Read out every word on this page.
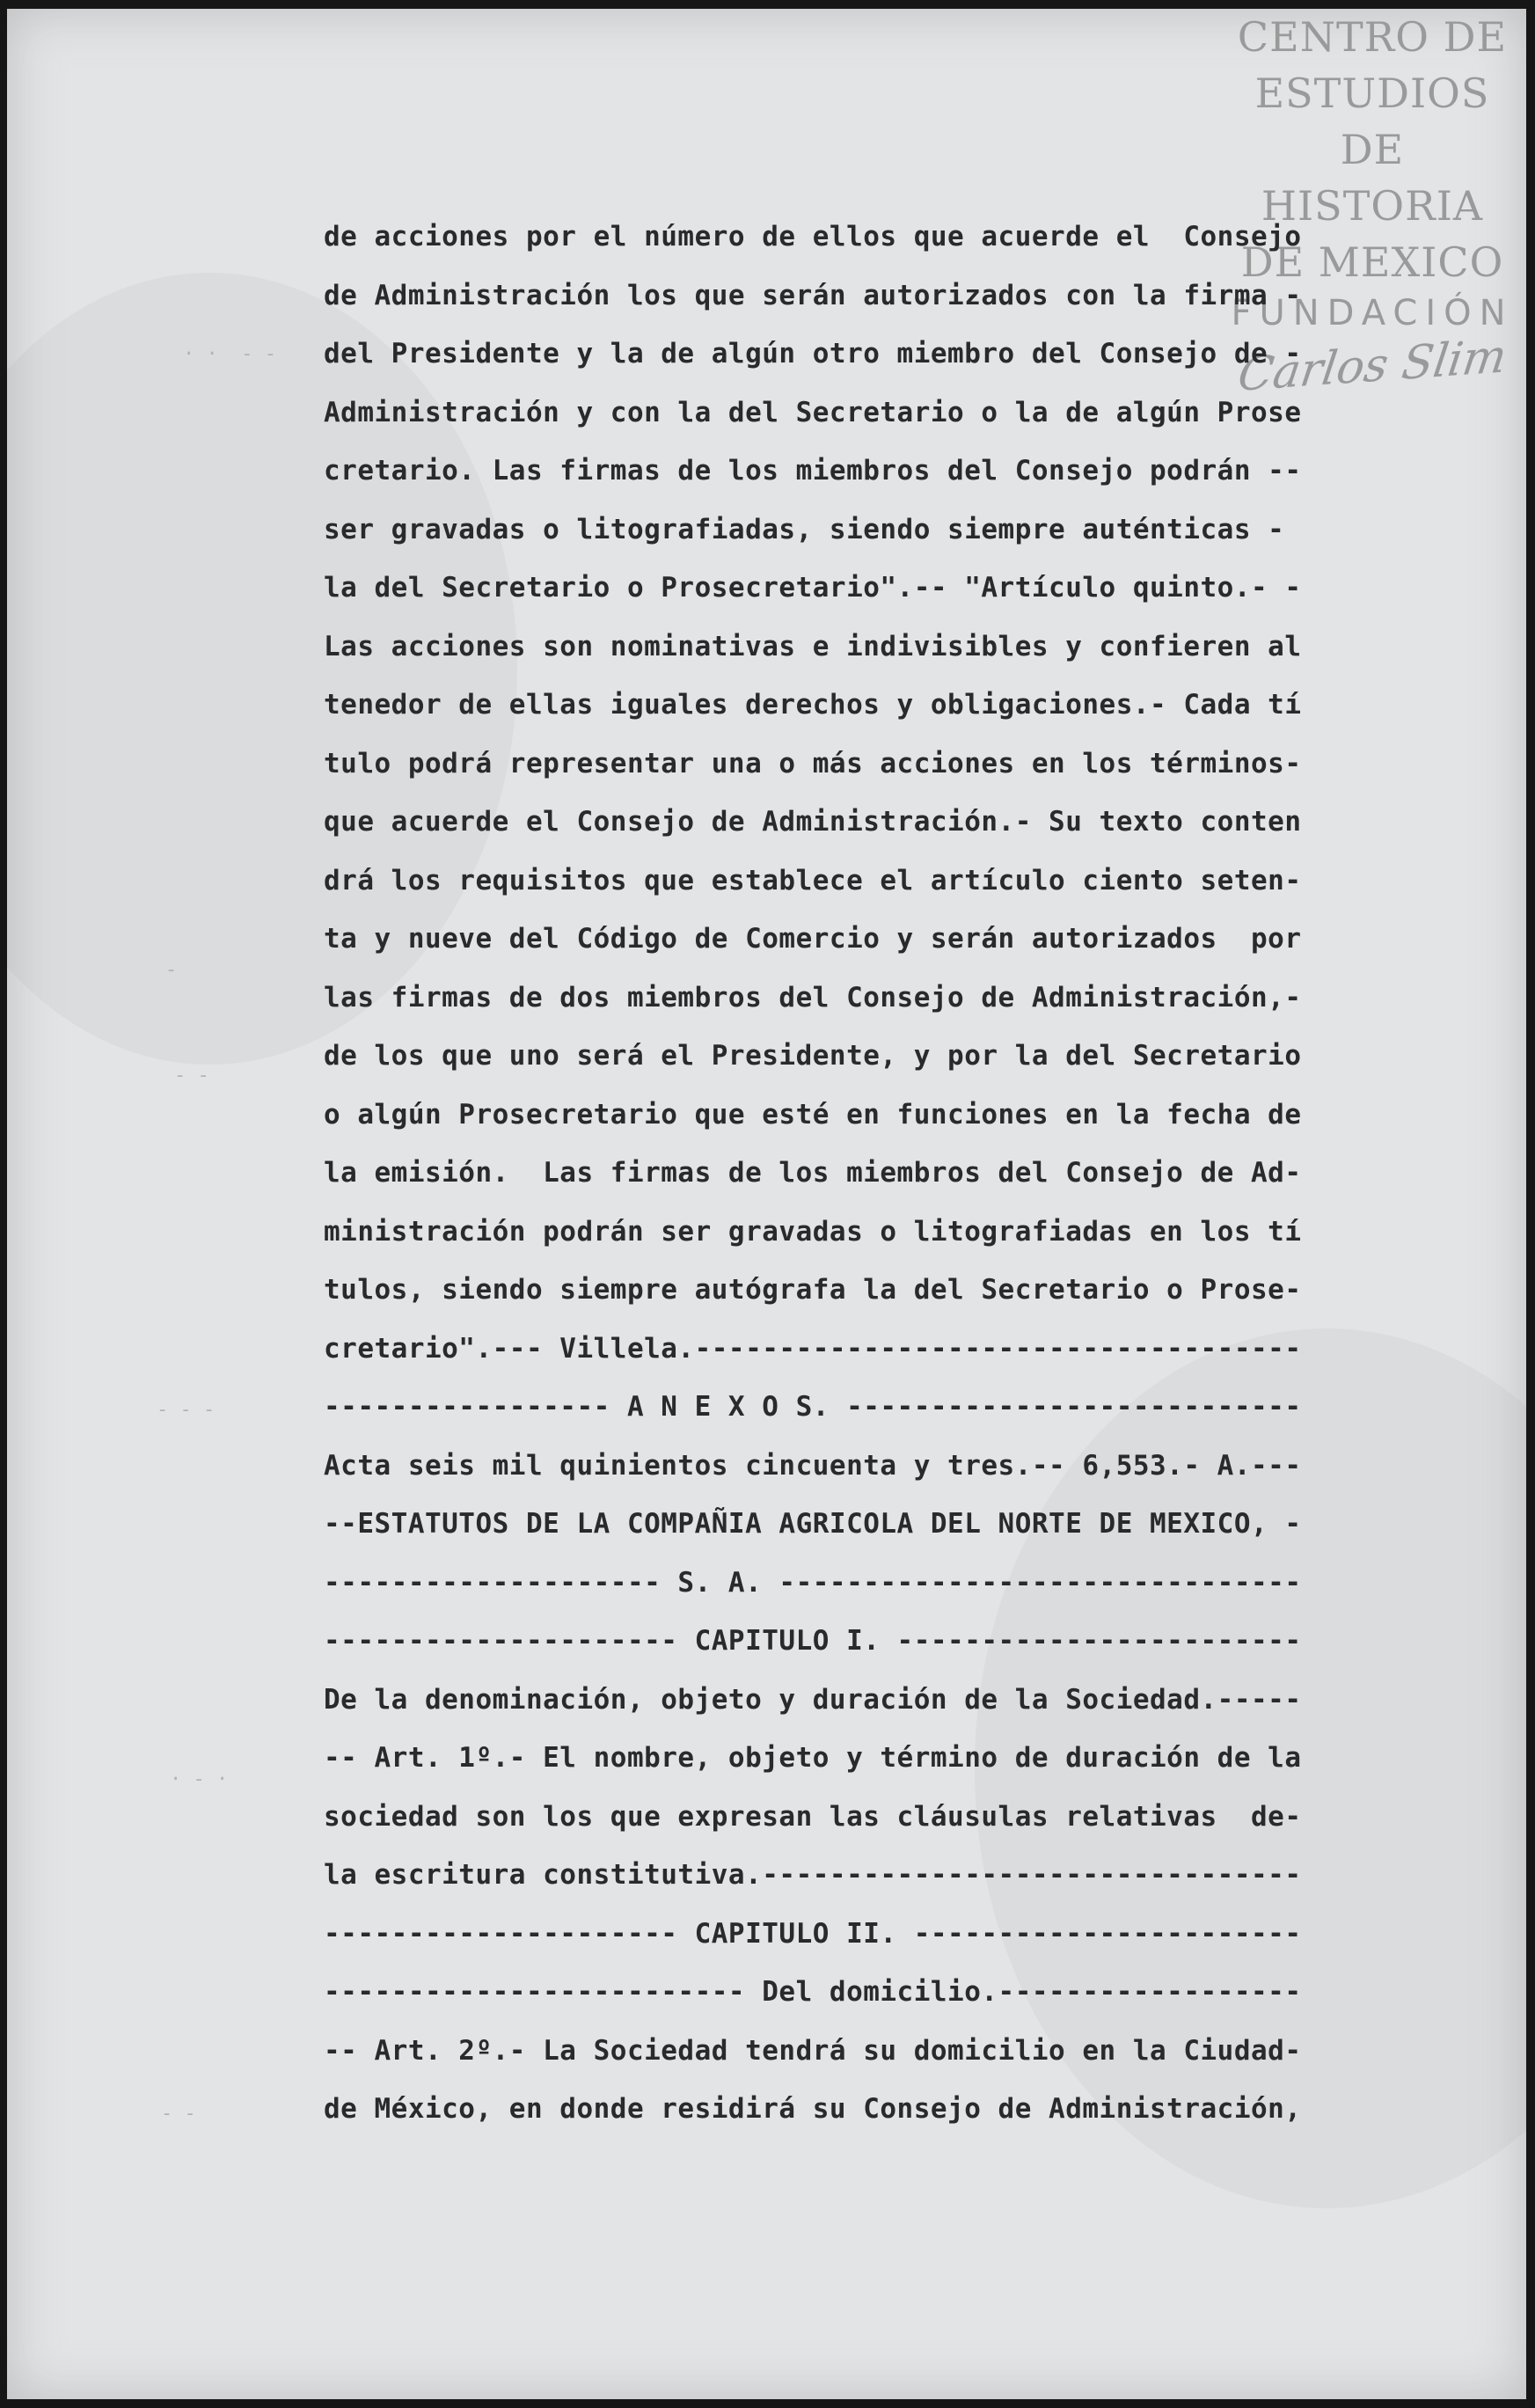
CENTRO DE
ESTUDIOS
DE HISTORIA
DE MEXICO
FUNDACIÓN
Carlos Slim
· ·  - -
-
- -
- - -
· - ·
- -
de acciones por el número de ellos que acuerde el  Consejo
de Administración los que serán autorizados con la firma -
del Presidente y la de algún otro miembro del Consejo de -
Administración y con la del Secretario o la de algún Prose
cretario. Las firmas de los miembros del Consejo podrán --
ser gravadas o litografiadas, siendo siempre auténticas -
la del Secretario o Prosecretario".-- "Artículo quinto.- -
Las acciones son nominativas e indivisibles y confieren al
tenedor de ellas iguales derechos y obligaciones.- Cada tí
tulo podrá representar una o más acciones en los términos-
que acuerde el Consejo de Administración.- Su texto conten
drá los requisitos que establece el artículo ciento seten-
ta y nueve del Código de Comercio y serán autorizados  por
las firmas de dos miembros del Consejo de Administración,-
de los que uno será el Presidente, y por la del Secretario
o algún Prosecretario que esté en funciones en la fecha de
la emisión.  Las firmas de los miembros del Consejo de Ad-
ministración podrán ser gravadas o litografiadas en los tí
tulos, siendo siempre autógrafa la del Secretario o Prose-
cretario".--- Villela.------------------------------------
----------------- A N E X O S. ---------------------------
Acta seis mil quinientos cincuenta y tres.-- 6,553.- A.---
--ESTATUTOS DE LA COMPAÑIA AGRICOLA DEL NORTE DE MEXICO, -
-------------------- S. A. -------------------------------
--------------------- CAPITULO I. ------------------------
De la denominación, objeto y duración de la Sociedad.-----
-- Art. 1º.- El nombre, objeto y término de duración de la
sociedad son los que expresan las cláusulas relativas  de-
la escritura constitutiva.--------------------------------
--------------------- CAPITULO II. -----------------------
------------------------- Del domicilio.------------------
-- Art. 2º.- La Sociedad tendrá su domicilio en la Ciudad-
de México, en donde residirá su Consejo de Administración,
